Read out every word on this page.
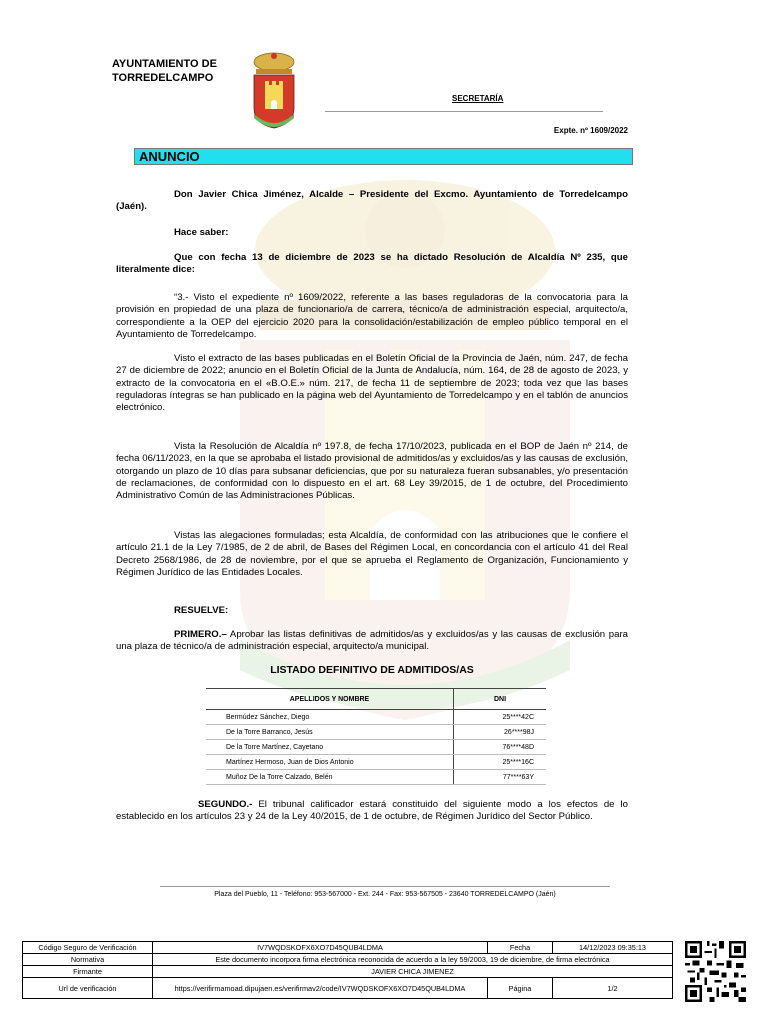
AYUNTAMIENTO DE
TORREDELCAMPO
SECRETARÍA
Expte. nº 1609/2022
ANUNCIO

Don Javier Chica Jiménez, Alcalde – Presidente del Excmo. Ayuntamiento de Torredelcampo (Jaén).

Hace saber:

Que con fecha 13 de diciembre de 2023 se ha dictado Resolución de Alcaldía Nº 235, que literalmente dice:

“3.- Visto el expediente nº 1609/2022, referente a las bases reguladoras de la convocatoria para la provisión en propiedad de una plaza de funcionario/a de carrera, técnico/a de administración especial, arquitecto/a, correspondiente a la OEP del ejercicio 2020 para la consolidación/estabilización de empleo público temporal en el Ayuntamiento de Torredelcampo.

Visto el extracto de las bases publicadas en el Boletín Oficial de la Provincia de Jaén, núm. 247, de fecha 27 de diciembre de 2022; anuncio en el Boletín Oficial de la Junta de Andalucía, núm. 164, de 28 de agosto de 2023, y extracto de la convocatoria en el «B.O.E.» núm. 217, de fecha 11 de septiembre de 2023; toda vez que las bases reguladoras íntegras se han publicado en la página web del Ayuntamiento de Torredelcampo y en el tablón de anuncios electrónico.

Vista la Resolución de Alcaldía nº 197.8, de fecha 17/10/2023, publicada en el BOP de Jaén nº 214, de fecha 06/11/2023, en la que se aprobaba el listado provisional de admitidos/as y excluidos/as y las causas de exclusión, otorgando un plazo de 10 días para subsanar deficiencias, que por su naturaleza fueran subsanables, y/o presentación de reclamaciones, de conformidad con lo dispuesto en el art. 68 Ley 39/2015, de 1 de octubre, del Procedimiento Administrativo Común de las Administraciones Públicas.

Vistas las alegaciones formuladas; esta Alcaldía, de conformidad con las atribuciones que le confiere el artículo 21.1 de la Ley 7/1985, de 2 de abril, de Bases del Régimen Local, en concordancia con el artículo 41 del Real Decreto 2568/1986, de 28 de noviembre, por el que se aprueba el Reglamento de Organización, Funcionamiento y Régimen Jurídico de las Entidades Locales.

RESUELVE:

PRIMERO.– Aprobar las listas definitivas de admitidos/as y excluidos/as y las causas de exclusión para una plaza de técnico/a de administración especial, arquitecto/a municipal.

LISTADO DEFINITIVO DE ADMITIDOS/AS
APELLIDOS Y NOMBRE	DNI
Bermúdez Sánchez, Diego	25****42C
De la Torre Barranco, Jesús	26****98J
De la Torre Martínez, Cayetano	76****48D
Martínez Hermoso, Juan de Dios Antonio	25****16C
Muñoz De la Torre Calzado, Belén	77****63Y

SEGUNDO.- El tribunal calificador estará constituido del siguiente modo a los efectos de lo establecido en los artículos 23 y 24 de la Ley 40/2015, de 1 de octubre, de Régimen Jurídico del Sector Público.

Plaza del Pueblo, 11 - Teléfono: 953-567000 - Ext. 244 - Fax: 953-567505 - 23640 TORREDELCAMPO (Jaén)
Código Seguro de Verificación	IV7WQDSKOFX6XO7D45QUB4LDMA	Fecha	14/12/2023 09:35:13
Normativa	Este documento incorpora firma electrónica reconocida de acuerdo a la ley 59/2003, 19 de diciembre, de firma electrónica		
Firmante	JAVIER CHICA JIMENEZ		
Url de verificación	https://verifirmamoad.dipujaen.es/verifirmav2/code/IV7WQDSKOFX6XO7D45QUB4LDMA	Página	1/2
